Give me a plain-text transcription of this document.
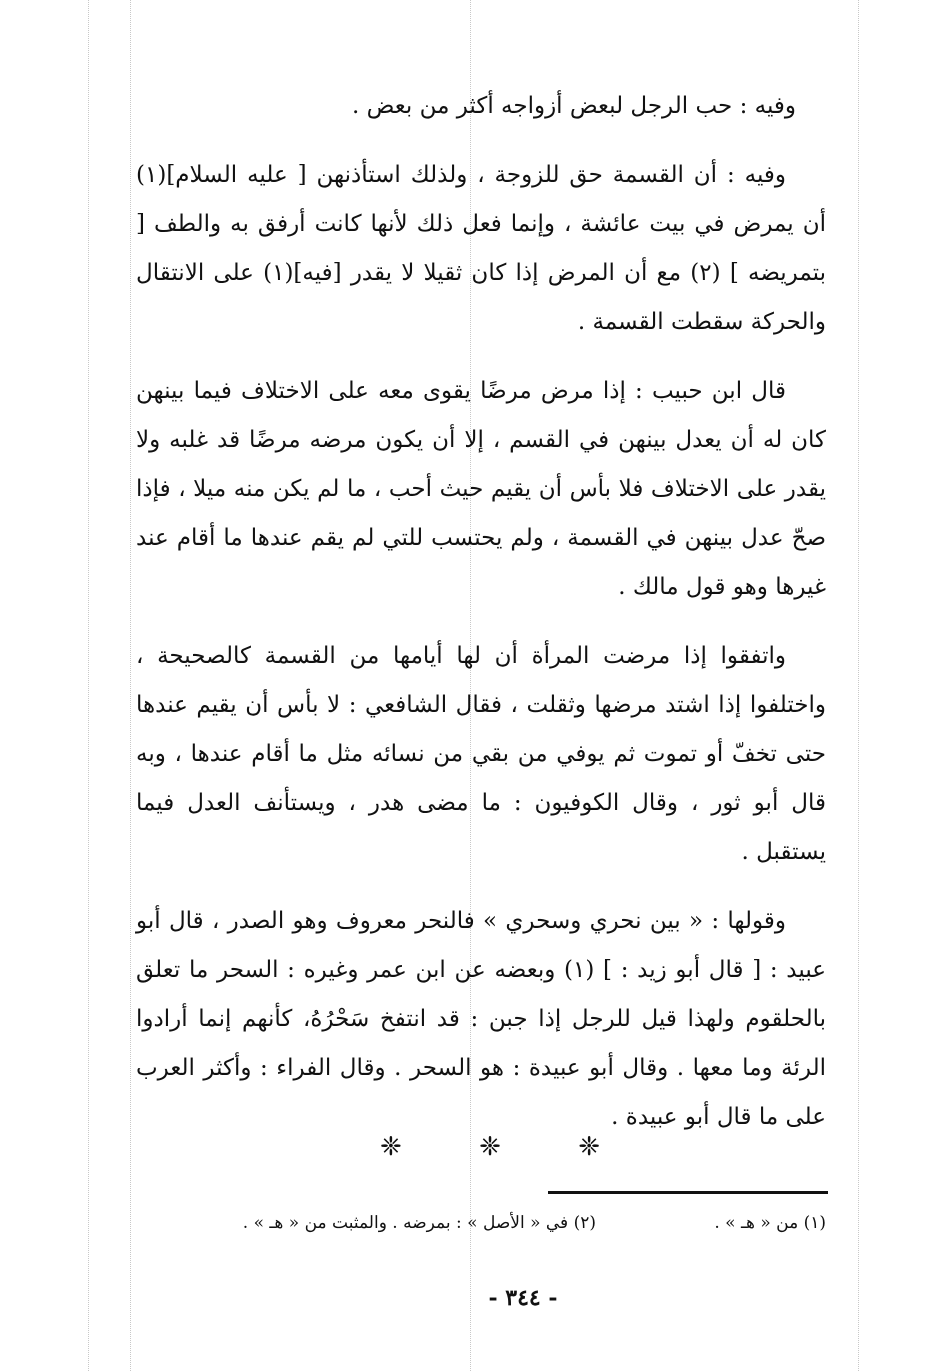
وفيه : حب الرجل لبعض أزواجه أكثر من بعض .

وفيه : أن القسمة حق للزوجة ، ولذلك استأذنهن [ عليه السلام](١) أن يمرض في بيت عائشة ، وإنما فعل ذلك لأنها كانت أرفق به والطف [ بتمريضه ] (٢) مع أن المرض إذا كان ثقيلا لا يقدر [فيه](١) على الانتقال والحركة سقطت القسمة .

قال ابن حبيب : إذا مرض مرضًا يقوى معه على الاختلاف فيما بينهن كان له أن يعدل بينهن في القسم ، إلا أن يكون مرضه مرضًا قد غلبه ولا يقدر على الاختلاف فلا بأس أن يقيم حيث أحب ، ما لم يكن منه ميلا ، فإذا صحّ عدل بينهن في القسمة ، ولم يحتسب للتي لم يقم عندها ما أقام عند غيرها وهو قول مالك .

واتفقوا إذا مرضت المرأة أن لها أيامها من القسمة كالصحيحة ، واختلفوا إذا اشتد مرضها وثقلت ، فقال الشافعي : لا بأس أن يقيم عندها حتى تخفّ أو تموت ثم يوفي من بقي من نسائه مثل ما أقام عندها ، وبه قال أبو ثور ، وقال الكوفيون : ما مضى هدر ، ويستأنف العدل فيما يستقبل .

وقولها : « بين نحري وسحري » فالنحر معروف وهو الصدر ، قال أبو عبيد : [ قال أبو زيد : ] (١) وبعضه عن ابن عمر وغيره : السحر ما تعلق بالحلقوم ولهذا قيل للرجل إذا جبن : قد انتفخ سَحْرُهُ، كأنهم إنما أرادوا الرئة وما معها . وقال أبو عبيدة : هو السحر . وقال الفراء : وأكثر العرب على ما قال أبو عبيدة .

❈	❈	❈
(١) من « هـ » .
(٢) في « الأصل » : بمرضه . والمثبت من « هـ » .
- ٣٤٤ -
